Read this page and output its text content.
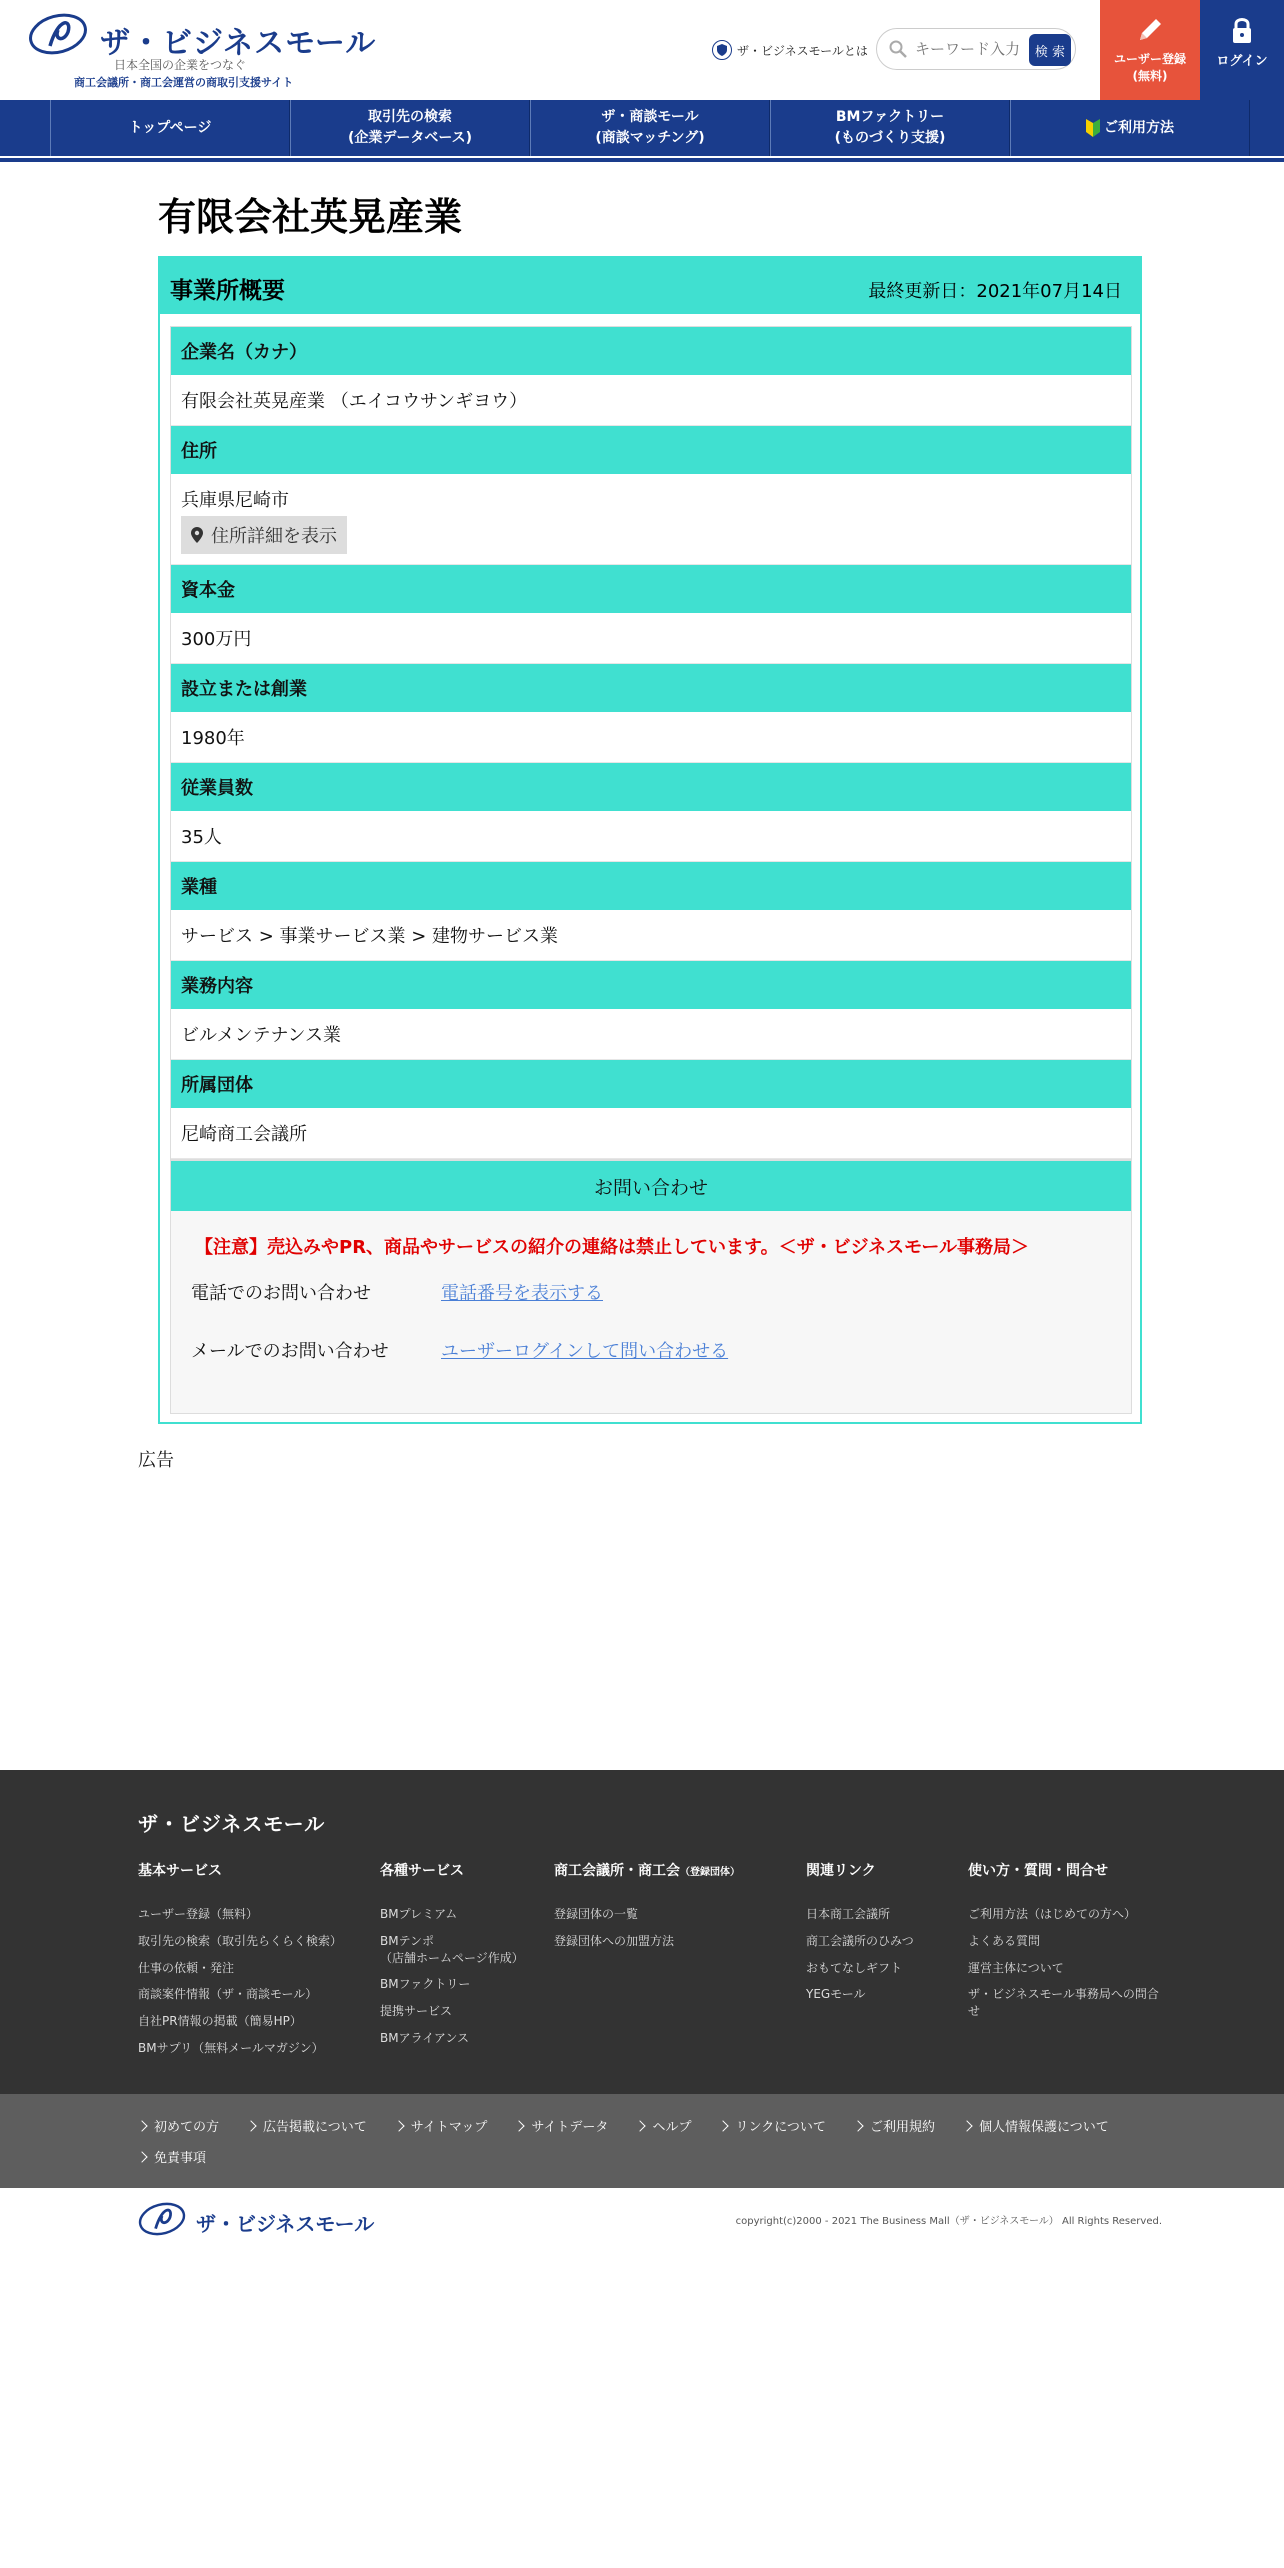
ザ・ビジネスモール
日本全国の企業をつなぐ
商工会議所・商工会運営の商取引支援サイト
ザ・ビジネスモールとは
キーワード入力	検 索	ユーザー登録
(無料)
ログイン
トップページ
取引先の検索
(企業データベース)
ザ・商談モール
(商談マッチング)
BMファクトリー
(ものづくり支援)
ご利用方法
有限会社英晃産業
事業所概要	最終更新日：2021年07月14日
企業名（カナ）
有限会社英晃産業 （エイコウサンギヨウ）
住所
兵庫県尼崎市
住所詳細を表示
資本金
300万円
設立または創業
1980年
従業員数
35人
業種
サービス > 事業サービス業 > 建物サービス業
業務内容
ビルメンテナンス業
所属団体
尼崎商工会議所
お問い合わせ
【注意】売込みやPR、商品やサービスの紹介の連絡は禁止しています。＜ザ・ビジネスモール事務局＞
電話でのお問い合わせ	電話番号を表示する
メールでのお問い合わせ	ユーザーログインして問い合わせる
広告
ザ・ビジネスモール
基本サービス
ユーザー登録（無料）
取引先の検索（取引先らくらく検索）
仕事の依頼・発注
商談案件情報（ザ・商談モール）
自社PR情報の掲載（簡易HP）
BMサプリ（無料メールマガジン）
各種サービス
BMプレミアム
BMテンポ
（店舗ホームページ作成）
BMファクトリー
提携サービス
BMアライアンス
商工会議所・商工会（登録団体）
登録団体の一覧
登録団体への加盟方法
関連リンク
日本商工会議所
商工会議所のひみつ
おもてなしギフト
YEGモール
使い方・質問・問合せ
ご利用方法（はじめての方へ）
よくある質問
運営主体について
ザ・ビジネスモール事務局への問合せ
初めての方	広告掲載について	サイトマップ	サイトデータ	ヘルプ	リンクについて	ご利用規約	個人情報保護について
免責事項
ザ・ビジネスモール	copyright(c)2000 - 2021 The Business Mall（ザ・ビジネスモール） All Rights Reserved.
